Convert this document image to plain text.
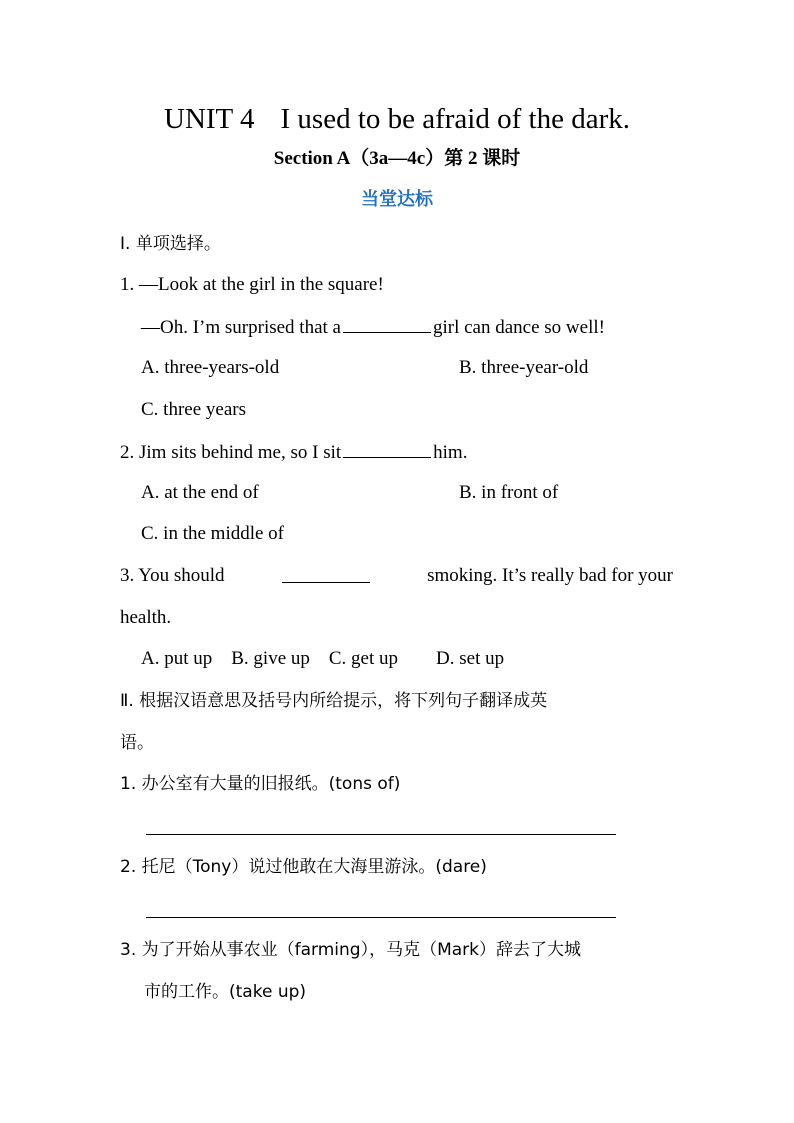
UNIT 4 I used to be afraid of the dark.
Section A（3a—4c）第 2 课时
当堂达标
Ⅰ. 单项选择。
1. —Look at the girl in the square!
—Oh. I’m surprised that a	girl can dance so well!
A. three-years-old	B. three-year-old
C. three years
2. Jim sits behind me, so I sit	him.
A. at the end of	B. in front of
C. in the middle of
3. You should	smoking. It’s really bad for your
health.
A. put up    B. give up    C. get up        D. set up
Ⅱ. 根据汉语意思及括号内所给提示，将下列句子翻译成英
语。
1. 办公室有大量的旧报纸。(tons of)
2. 托尼（Tony）说过他敢在大海里游泳。(dare)
3. 为了开始从事农业（farming），马克（Mark）辞去了大城
市的工作。(take up)
